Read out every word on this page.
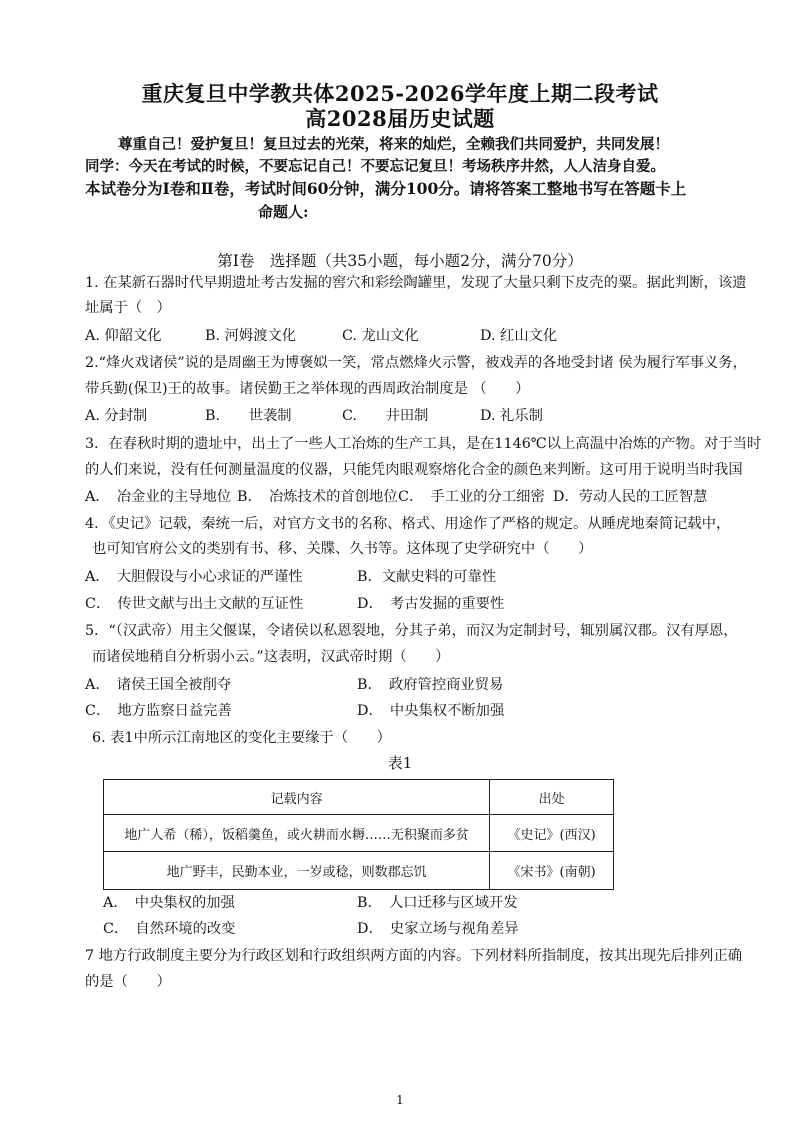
重庆复旦中学教共体2025-2026学年度上期二段考试
高2028届历史试题
尊重自己！爱护复旦！复旦过去的光荣，将来的灿烂，全赖我们共同爱护，共同发展！
同学：今天在考试的时候，不要忘记自己！不要忘记复旦！考场秩序井然，人人洁身自爱。
本试卷分为Ⅰ卷和Ⅱ卷，考试时间60分钟，满分100分。请将答案工整地书写在答题卡上
命题人:
第Ⅰ卷　选择题（共35小题，每小题2分，满分70分）
1. 在某新石器时代早期遗址考古发掘的窖穴和彩绘陶罐里，发现了大量只剩下皮壳的粟。据此判断，该遗
址属于（　）
A. 仰韶文化	B. 河姆渡文化	C. 龙山文化	D. 红山文化
2.“烽火戏诸侯”说的是周幽王为博褒姒一笑，常点燃烽火示警，被戏弄的各地受封诸 侯为履行军事义务，
带兵勤(保卫)王的故事。诸侯勤王之举体现的西周政治制度是 （　　）
A. 分封制	B.　　世袭制	C.　　井田制	D. 礼乐制
3．在春秋时期的遗址中，出土了一些人工冶炼的生产工具，是在1146℃以上高温中冶炼的产物。对于当时
的人们来说，没有任何测量温度的仪器，只能凭肉眼观察熔化合金的颜色来判断。这可用于说明当时我国
A．　冶金业的主导地位 B．　冶炼技术的首创地位 C．　手工业的分工细密 D．劳动人民的工匠智慧
4．《史记》记载，秦统一后，对官方文书的名称、格式、用途作了严格的规定。从睡虎地秦简记载中，
也可知官府公文的类别有书、移、关牒、久书等。这体现了史学研究中（　　）
A．　大胆假设与小心求证的严谨性	B．文献史料的可靠性
C．　传世文献与出土文献的互证性	D．　考古发掘的重要性
5．“（汉武帝）用主父偃谋，令诸侯以私恩裂地，分其子弟，而汉为定制封号，辄别属汉郡。汉有厚恩，
而诸侯地稍自分析弱小云。”这表明，汉武帝时期（　　）
A．　诸侯王国全被削夺	B．　政府管控商业贸易
C．　地方监察日益完善	D．　中央集权不断加强
6. 表1中所示江南地区的变化主要缘于（　　）
表1
记载内容	出处
地广人希（稀），饭稻羹鱼，或火耕而水耨……无积聚而多贫	《史记》(西汉)
地广野丰，民勤本业，一岁或稔，则数郡忘饥	《宋书》(南朝)
A．　中央集权的加强	B．　人口迁移与区域开发
C．　自然环境的改变	D．　史家立场与视角差异
7 地方行政制度主要分为行政区划和行政组织两方面的内容。下列材料所指制度，按其出现先后排列正确
的是（　　）
1
